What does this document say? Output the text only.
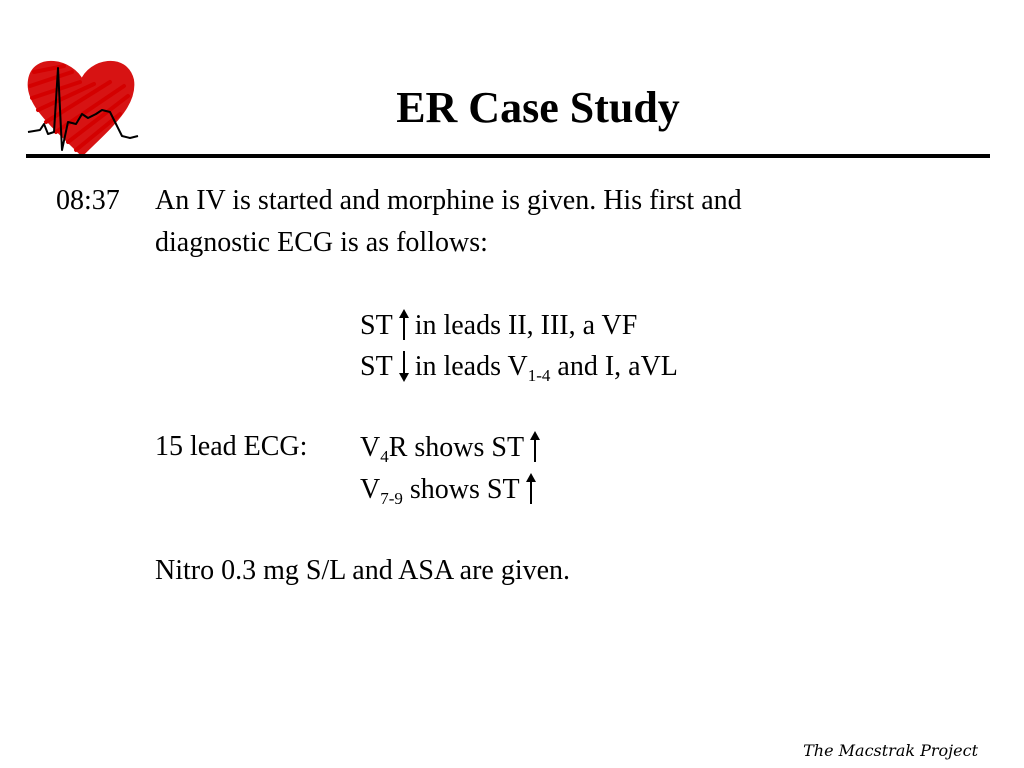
ER Case Study
08:37 An IV is started and morphine is given. His first and
diagnostic ECG is as follows:
ST in leads II, III, a VF
ST in leads $V_{1-4}$ and I, aVL
15 lead ECG: $V_4R$ shows ST
$V_{7-9}$ shows ST
Nitro 0.3 mg S/L and ASA are given.
The Macstrak Project
